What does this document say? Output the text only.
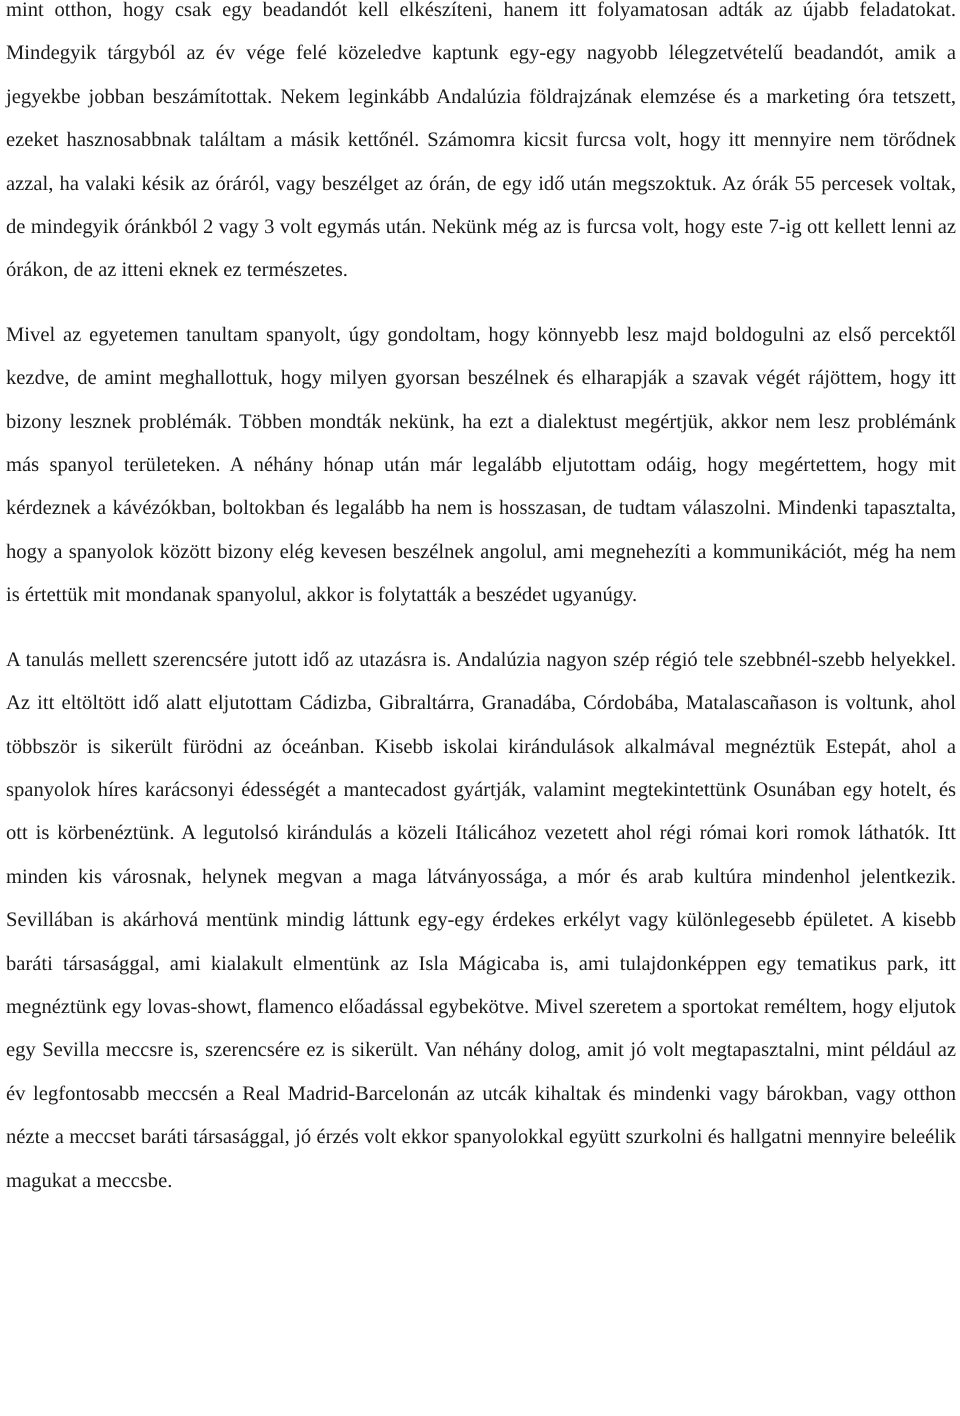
mint otthon, hogy csak egy beadandót kell elkészíteni, hanem itt folyamatosan adták az újabb feladatokat. Mindegyik tárgyból az év vége felé közeledve kaptunk egy-egy nagyobb lélegzetvételű beadandót, amik a jegyekbe jobban beszámítottak. Nekem leginkább Andalúzia földrajzának elemzése és a marketing óra tetszett, ezeket hasznosabbnak találtam a másik kettőnél. Számomra kicsit furcsa volt, hogy itt mennyire nem törődnek azzal, ha valaki késik az óráról, vagy beszélget az órán, de egy idő után megszoktuk. Az órák 55 percesek voltak, de mindegyik óránkból 2 vagy 3 volt egymás után. Nekünk még az is furcsa volt, hogy este 7-ig ott kellett lenni az órákon, de az itteni eknek ez természetes.

Mivel az egyetemen tanultam spanyolt, úgy gondoltam, hogy könnyebb lesz majd boldogulni az első percektől kezdve, de amint meghallottuk, hogy milyen gyorsan beszélnek és elharapják a szavak végét rájöttem, hogy itt bizony lesznek problémák. Többen mondták nekünk, ha ezt a dialektust megértjük, akkor nem lesz problémánk más spanyol területeken. A néhány hónap után már legalább eljutottam odáig, hogy megértettem, hogy mit kérdeznek a kávézókban, boltokban és legalább ha nem is hosszasan, de tudtam válaszolni. Mindenki tapasztalta, hogy a spanyolok között bizony elég kevesen beszélnek angolul, ami megnehezíti a kommunikációt, még ha nem is értettük mit mondanak spanyolul, akkor is folytatták a beszédet ugyanúgy.

A tanulás mellett szerencsére jutott idő az utazásra is. Andalúzia nagyon szép régió tele szebbnél-szebb helyekkel. Az itt eltöltött idő alatt eljutottam Cádizba, Gibraltárra, Granadába, Córdobába, Matalascañason is voltunk, ahol többször is sikerült fürödni az óceánban. Kisebb iskolai kirándulások alkalmával megnéztük Estepát, ahol a spanyolok híres karácsonyi édességét a mantecadost gyártják, valamint megtekintettünk Osunában egy hotelt, és ott is körbenéztünk. A legutolsó kirándulás a közeli Itálicához vezetett ahol régi római kori romok láthatók. Itt minden kis városnak, helynek megvan a maga látványossága, a mór és arab kultúra mindenhol jelentkezik. Sevillában is akárhová mentünk mindig láttunk egy-egy érdekes erkélyt vagy különlegesebb épületet. A kisebb baráti társasággal, ami kialakult elmentünk az Isla Mágicaba is, ami tulajdonképpen egy tematikus park, itt megnéztünk egy lovas-showt, flamenco előadással egybekötve. Mivel szeretem a sportokat reméltem, hogy eljutok egy Sevilla meccsre is, szerencsére ez is sikerült. Van néhány dolog, amit jó volt megtapasztalni, mint például az év legfontosabb meccsén a Real Madrid-Barcelonán az utcák kihaltak és mindenki vagy bárokban, vagy otthon nézte a meccset baráti társasággal, jó érzés volt ekkor spanyolokkal együtt szurkolni és hallgatni mennyire beleélik magukat a meccsbe.
